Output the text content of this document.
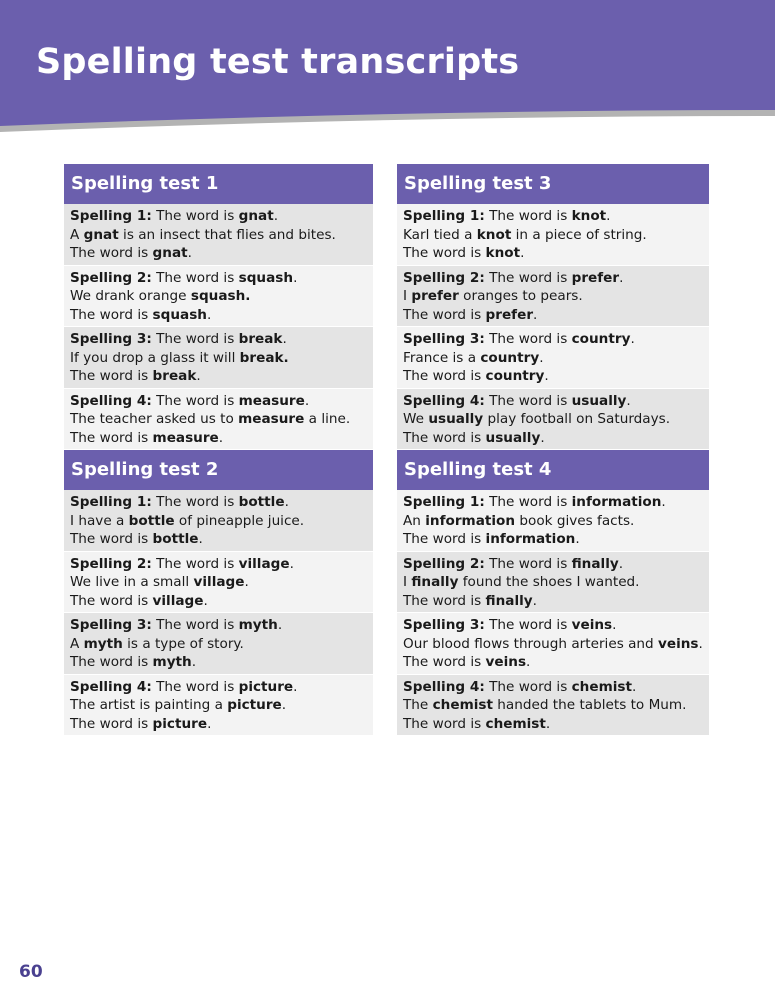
Spelling test transcripts
Spelling test 1
Spelling 1: The word is gnat.
A gnat is an insect that flies and bites.
The word is gnat.
Spelling 2: The word is squash.
We drank orange squash.
The word is squash.
Spelling 3: The word is break.
If you drop a glass it will break.
The word is break.
Spelling 4: The word is measure.
The teacher asked us to measure a line.
The word is measure.
Spelling test 2
Spelling 1: The word is bottle.
I have a bottle of pineapple juice.
The word is bottle.
Spelling 2: The word is village.
We live in a small village.
The word is village.
Spelling 3: The word is myth.
A myth is a type of story.
The word is myth.
Spelling 4: The word is picture.
The artist is painting a picture.
The word is picture.
Spelling test 3
Spelling 1: The word is knot.
Karl tied a knot in a piece of string.
The word is knot.
Spelling 2: The word is prefer.
I prefer oranges to pears.
The word is prefer.
Spelling 3: The word is country.
France is a country.
The word is country.
Spelling 4: The word is usually.
We usually play football on Saturdays.
The word is usually.
Spelling test 4
Spelling 1: The word is information.
An information book gives facts.
The word is information.
Spelling 2: The word is finally.
I finally found the shoes I wanted.
The word is finally.
Spelling 3: The word is veins.
Our blood flows through arteries and veins.
The word is veins.
Spelling 4: The word is chemist.
The chemist handed the tablets to Mum.
The word is chemist.
60
